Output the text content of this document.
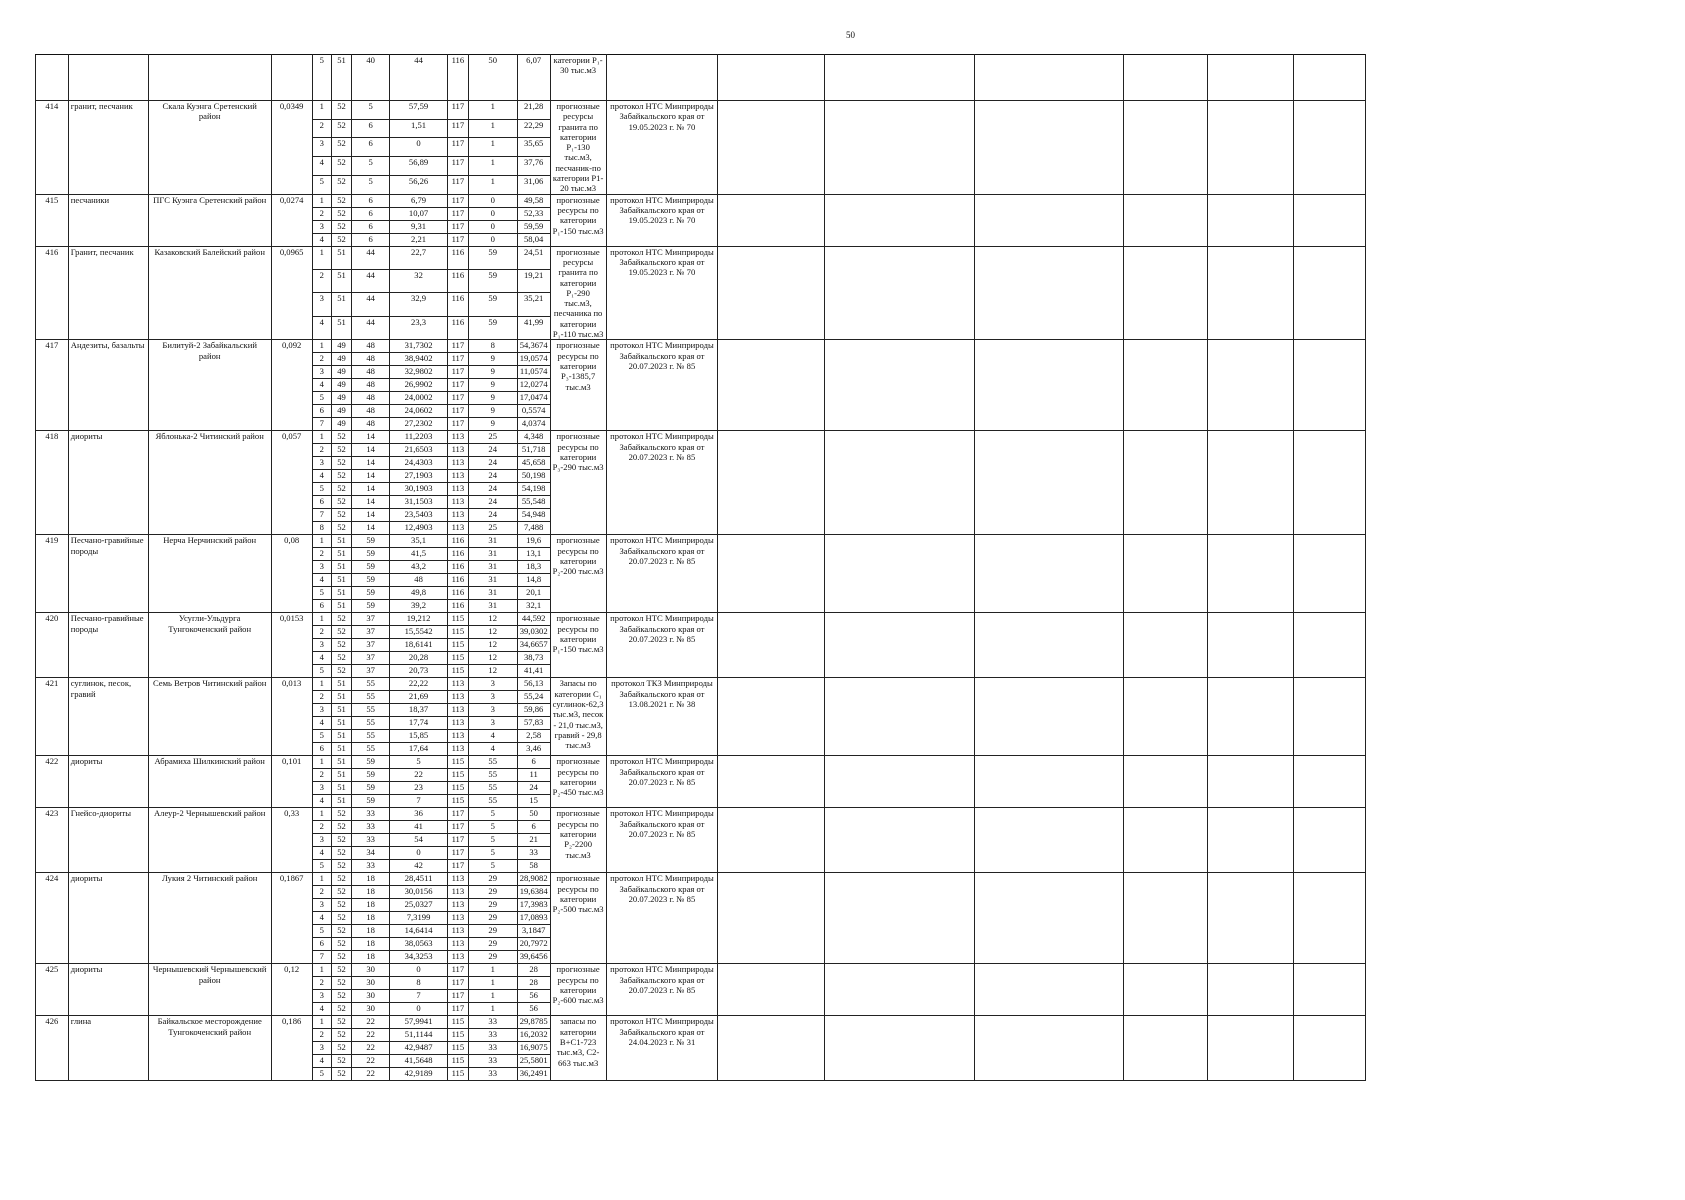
50
				5	51	40	44	116	50	6,07	категории P₁- 30 тыс.м3							
414	гранит, песчаник	Скала Куэнга Сретенский район	0,0349	1	52	5	57,59	117	1	21,28	прогнозные ресурсы гранита по категории P₁-130 тыс.м3, песчаник-по категории P1-20 тыс.м3	протокол НТС Минприроды Забайкальского края от 19.05.2023 г. № 70						
				2	52	6	1,51	117	1	22,29								
				3	52	6	0	117	1	35,65								
				4	52	5	56,89	117	1	37,76								
				5	52	5	56,26	117	1	31,06								
415	песчаники	ПГС Куэнга Сретенский район	0,0274	1	52	6	6,79	117	0	49,58	прогнозные ресурсы по категории P₁-150 тыс.м3	протокол НТС Минприроды Забайкальского края от 19.05.2023 г. № 70						
				2	52	6	10,07	117	0	52,33								
				3	52	6	9,31	117	0	59,59								
				4	52	6	2,21	117	0	58,04								
416	Гранит, песчаник	Казаковский Балейский район	0,0965	1	51	44	22,7	116	59	24,51	прогнозные ресурсы гранита по категории P₁-290 тыс.м3, песчаника по категории P₁-110 тыс.м3	протокол НТС Минприроды Забайкальского края от 19.05.2023 г. № 70						
				2	51	44	32	116	59	19,21								
				3	51	44	32,9	116	59	35,21								
				4	51	44	23,3	116	59	41,99								
417	Андезиты, базальты	Билитуй-2 Забайкальский район	0,092	1	49	48	31,7302	117	8	54,3674	прогнозные ресурсы по категории P₃-1385,7 тыс.м3	протокол НТС Минприроды Забайкальского края от 20.07.2023 г. № 85						
				2	49	48	38,9402	117	9	19,0574								
				3	49	48	32,9802	117	9	11,0574								
				4	49	48	26,9902	117	9	12,0274								
				5	49	48	24,0002	117	9	17,0474								
				6	49	48	24,0602	117	9	0,5574								
				7	49	48	27,2302	117	9	4,0374								
418	диориты	Яблонька-2 Читинский район	0,057	1	52	14	11,2203	113	25	4,348	прогнозные ресурсы по категории P₃-290 тыс.м3	протокол НТС Минприроды Забайкальского края от 20.07.2023 г. № 85						
				2	52	14	21,6503	113	24	51,718								
				3	52	14	24,4303	113	24	45,658								
				4	52	14	27,1903	113	24	50,198								
				5	52	14	30,1903	113	24	54,198								
				6	52	14	31,1503	113	24	55,548								
				7	52	14	23,5403	113	24	54,948								
				8	52	14	12,4903	113	25	7,488								
419	Песчано-гравийные породы	Нерча Нерчинский район	0,08	1	51	59	35,1	116	31	19,6	прогнозные ресурсы по категории P₂-200 тыс.м3	протокол НТС Минприроды Забайкальского края от 20.07.2023 г. № 85						
				2	51	59	41,5	116	31	13,1								
				3	51	59	43,2	116	31	18,3								
				4	51	59	48	116	31	14,8								
				5	51	59	49,8	116	31	20,1								
				6	51	59	39,2	116	31	32,1								
420	Песчано-гравийные породы	Усугли-Ульдурга Тунгокоченский район	0,0153	1	52	37	19,212	115	12	44,592	прогнозные ресурсы по категории P₁-150 тыс.м3	протокол НТС Минприроды Забайкальского края от 20.07.2023 г. № 85						
				2	52	37	15,5542	115	12	39,0302								
				3	52	37	18,6141	115	12	34,6657								
				4	52	37	20,28	115	12	38,73								
				5	52	37	20,73	115	12	41,41								
421	суглинок, песок, гравий	Семь Ветров Читинский район	0,013	1	51	55	22,22	113	3	56,13	Запасы по категории C₁ суглинок-62,3 тыс.м3, песок - 21,0 тыс.м3, гравий - 29,8 тыс.м3	протокол ТКЗ Минприроды Забайкальского края от 13.08.2021 г. № 38						
				2	51	55	21,69	113	3	55,24								
				3	51	55	18,37	113	3	59,86								
				4	51	55	17,74	113	3	57,83								
				5	51	55	15,85	113	4	2,58								
				6	51	55	17,64	113	4	3,46								
422	диориты	Абрамиха Шилкинский район	0,101	1	51	59	5	115	55	6	прогнозные ресурсы по категории P₂-450 тыс.м3	протокол НТС Минприроды Забайкальского края от 20.07.2023 г. № 85						
				2	51	59	22	115	55	11								
				3	51	59	23	115	55	24								
				4	51	59	7	115	55	15								
423	Гнейсо-диориты	Алеур-2 Чернышевский район	0,33	1	52	33	36	117	5	50	прогнозные ресурсы по категории P₂-2200 тыс.м3	протокол НТС Минприроды Забайкальского края от 20.07.2023 г. № 85						
				2	52	33	41	117	5	6								
				3	52	33	54	117	5	21								
				4	52	34	0	117	5	33								
				5	52	33	42	117	5	58								
424	диориты	Лукия 2 Читинский район	0,1867	1	52	18	28,4511	113	29	28,9082	прогнозные ресурсы по категории P₂-500 тыс.м3	протокол НТС Минприроды Забайкальского края от 20.07.2023 г. № 85						
				2	52	18	30,0156	113	29	19,6384								
				3	52	18	25,0327	113	29	17,3983								
				4	52	18	7,3199	113	29	17,0893								
				5	52	18	14,6414	113	29	3,1847								
				6	52	18	38,0563	113	29	20,7972								
				7	52	18	34,3253	113	29	39,6456								
425	диориты	Чернышевский Чернышевский район	0,12	1	52	30	0	117	1	28	прогнозные ресурсы по категории P₂-600 тыс.м3	протокол НТС Минприроды Забайкальского края от 20.07.2023 г. № 85						
				2	52	30	8	117	1	28								
				3	52	30	7	117	1	56								
				4	52	30	0	117	1	56								
426	глина	Байкальское месторождение Тунгокоченский район	0,186	1	52	22	57,9941	115	33	29,8785	запасы по категории B+C1-723 тыс.м3, C2-663 тыс.м3	протокол НТС Минприроды Забайкальского края от 24.04.2023 г. № 31						
				2	52	22	51,1144	115	33	16,2032								
				3	52	22	42,9487	115	33	16,9075								
				4	52	22	41,5648	115	33	25,5801								
				5	52	22	42,9189	115	33	36,2491								
